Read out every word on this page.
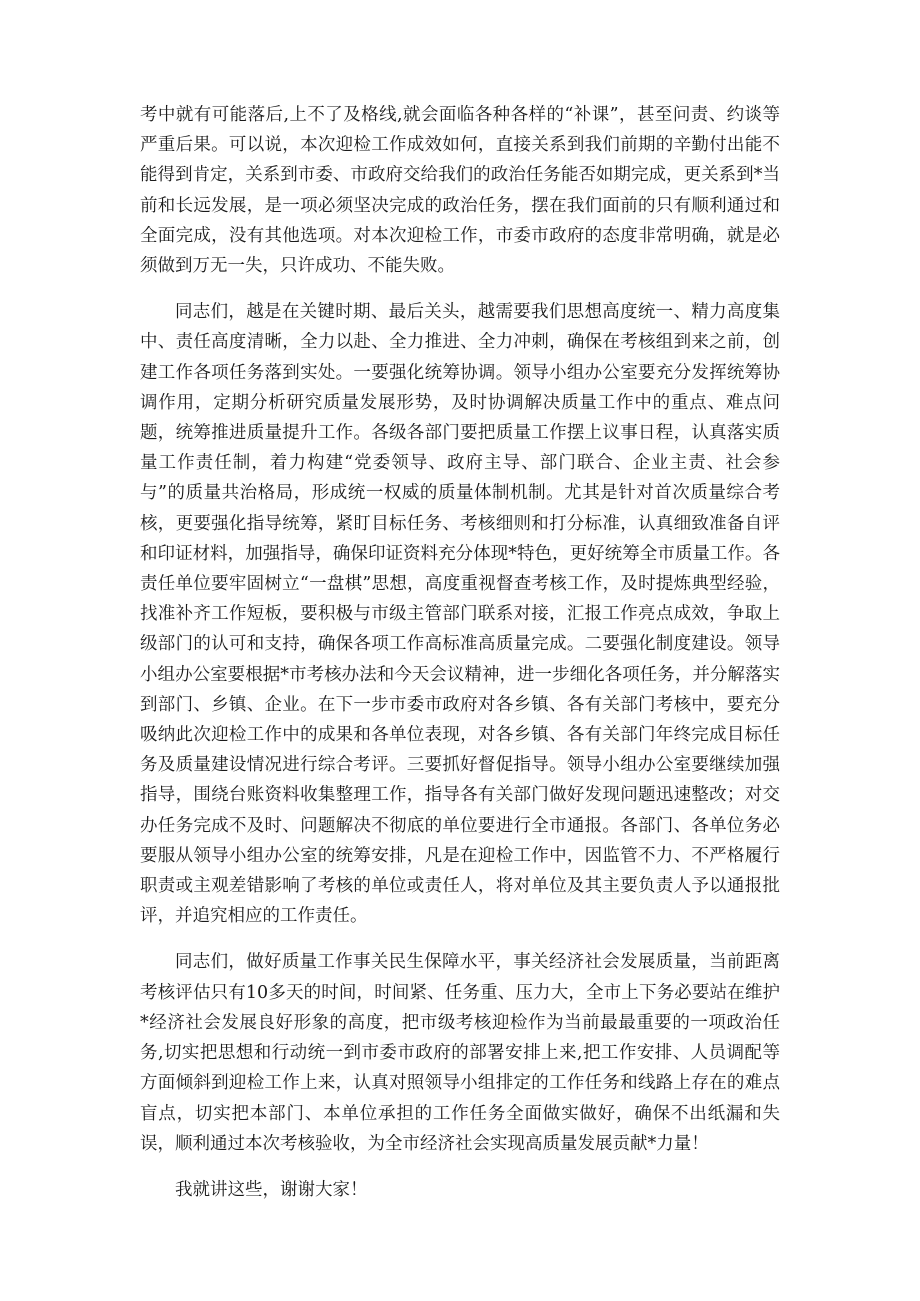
考中就有可能落后,上不了及格线,就会面临各种各样的“补课”，甚至问责、约谈等严重后果。可以说，本次迎检工作成效如何，直接关系到我们前期的辛勤付出能不能得到肯定，关系到市委、市政府交给我们的政治任务能否如期完成，更关系到*当前和长远发展，是一项必须坚决完成的政治任务，摆在我们面前的只有顺利通过和全面完成，没有其他选项。对本次迎检工作，市委市政府的态度非常明确，就是必须做到万无一失，只许成功、不能失败。

同志们，越是在关键时期、最后关头，越需要我们思想高度统一、精力高度集中、责任高度清晰，全力以赴、全力推进、全力冲刺，确保在考核组到来之前，创建工作各项任务落到实处。一要强化统筹协调。领导小组办公室要充分发挥统筹协调作用，定期分析研究质量发展形势，及时协调解决质量工作中的重点、难点问题，统筹推进质量提升工作。各级各部门要把质量工作摆上议事日程，认真落实质量工作责任制，着力构建“党委领导、政府主导、部门联合、企业主责、社会参与”的质量共治格局，形成统一权威的质量体制机制。尤其是针对首次质量综合考核，更要强化指导统筹，紧盯目标任务、考核细则和打分标准，认真细致准备自评和印证材料，加强指导，确保印证资料充分体现*特色，更好统筹全市质量工作。各责任单位要牢固树立“一盘棋”思想，高度重视督查考核工作，及时提炼典型经验，找准补齐工作短板，要积极与市级主管部门联系对接，汇报工作亮点成效，争取上级部门的认可和支持，确保各项工作高标准高质量完成。二要强化制度建设。领导小组办公室要根据*市考核办法和今天会议精神，进一步细化各项任务，并分解落实到部门、乡镇、企业。在下一步市委市政府对各乡镇、各有关部门考核中，要充分吸纳此次迎检工作中的成果和各单位表现，对各乡镇、各有关部门年终完成目标任务及质量建设情况进行综合考评。三要抓好督促指导。领导小组办公室要继续加强指导，围绕台账资料收集整理工作，指导各有关部门做好发现问题迅速整改；对交办任务完成不及时、问题解决不彻底的单位要进行全市通报。各部门、各单位务必要服从领导小组办公室的统筹安排，凡是在迎检工作中，因监管不力、不严格履行职责或主观差错影响了考核的单位或责任人，将对单位及其主要负责人予以通报批评，并追究相应的工作责任。

同志们，做好质量工作事关民生保障水平，事关经济社会发展质量，当前距离考核评估只有10多天的时间，时间紧、任务重、压力大，全市上下务必要站在维护*经济社会发展良好形象的高度，把市级考核迎检作为当前最最重要的一项政治任务,切实把思想和行动统一到市委市政府的部署安排上来,把工作安排、人员调配等方面倾斜到迎检工作上来，认真对照领导小组排定的工作任务和线路上存在的难点盲点，切实把本部门、本单位承担的工作任务全面做实做好，确保不出纸漏和失误，顺利通过本次考核验收，为全市经济社会实现高质量发展贡献*力量！

我就讲这些，谢谢大家！
